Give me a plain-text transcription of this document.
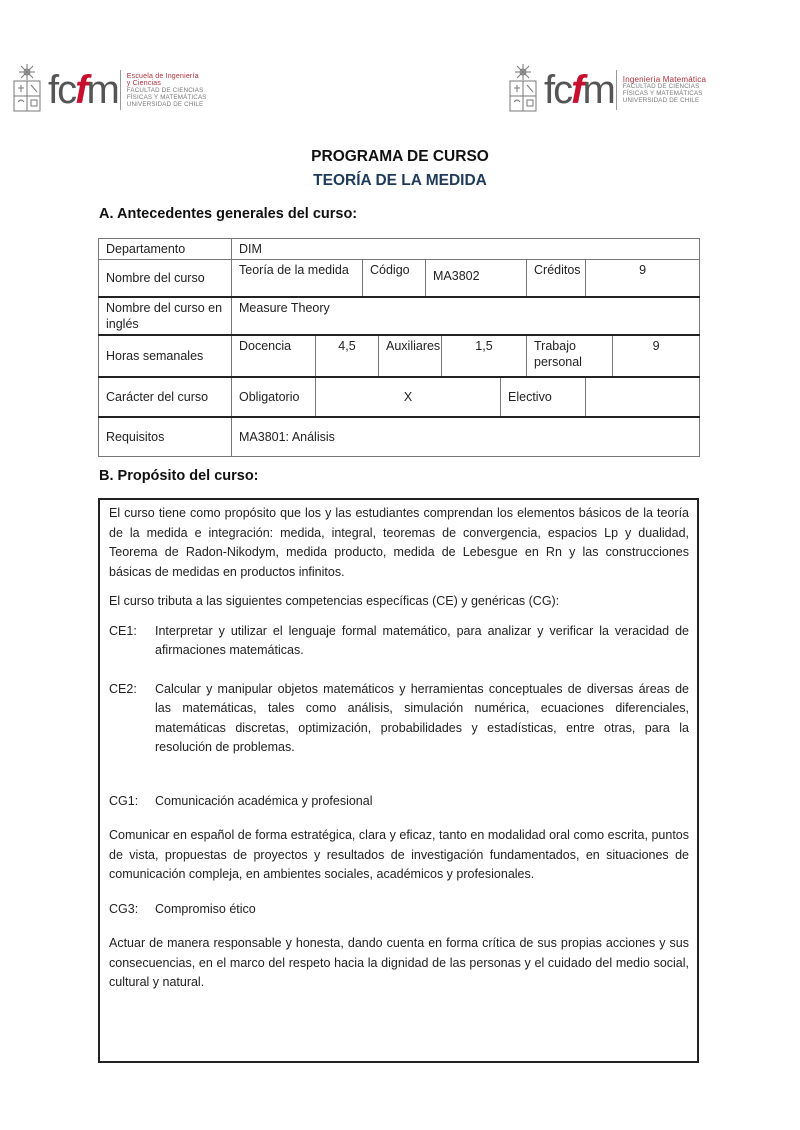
fc f m Escuela de Ingeniería
y Ciencias
FACULTAD DE CIENCIAS
FÍSICAS Y MATEMÁTICAS
UNIVERSIDAD DE CHILE	fc f m Ingeniería Matemática
FACULTAD DE CIENCIAS
FÍSICAS Y MATEMÁTICAS
UNIVERSIDAD DE CHILE
PROGRAMA DE CURSO
TEORÍA DE LA MEDIDA
A. Antecedentes generales del curso:
Departamento	DIM									
Nombre del curso	Teoría de la medida		Código		MA3802			Créditos	9	
Nombre del curso en inglés	Measure Theory									
Horas semanales	Docencia	4,5		Auxiliares		1,5		Trabajo personal		9
Carácter del curso	Obligatorio	X					Electivo			
Requisitos	MA3801: Análisis									
B. Propósito del curso:

El curso tiene como propósito que los y las estudiantes comprendan los elementos básicos de la teoría de la medida e integración: medida, integral, teoremas de convergencia, espacios Lp y dualidad, Teorema de Radon-Nikodym, medida producto, medida de Lebesgue en Rn y las construcciones básicas de medidas en productos infinitos.

El curso tributa a las siguientes competencias específicas (CE) y genéricas (CG):

CE1:	Interpretar y utilizar el lenguaje formal matemático, para analizar y verificar la veracidad de afirmaciones matemáticas.
CE2:	Calcular y manipular objetos matemáticos y herramientas conceptuales de diversas áreas de las matemáticas, tales como análisis, simulación numérica, ecuaciones diferenciales, matemáticas discretas, optimización, probabilidades y estadísticas, entre otras, para la resolución de problemas.
CG1:	Comunicación académica y profesional

Comunicar en español de forma estratégica, clara y eficaz, tanto en modalidad oral como escrita, puntos de vista, propuestas de proyectos y resultados de investigación fundamentados, en situaciones de comunicación compleja, en ambientes sociales, académicos y profesionales.

CG3:	Compromiso ético

Actuar de manera responsable y honesta, dando cuenta en forma crítica de sus propias acciones y sus consecuencias, en el marco del respeto hacia la dignidad de las personas y el cuidado del medio social, cultural y natural.
